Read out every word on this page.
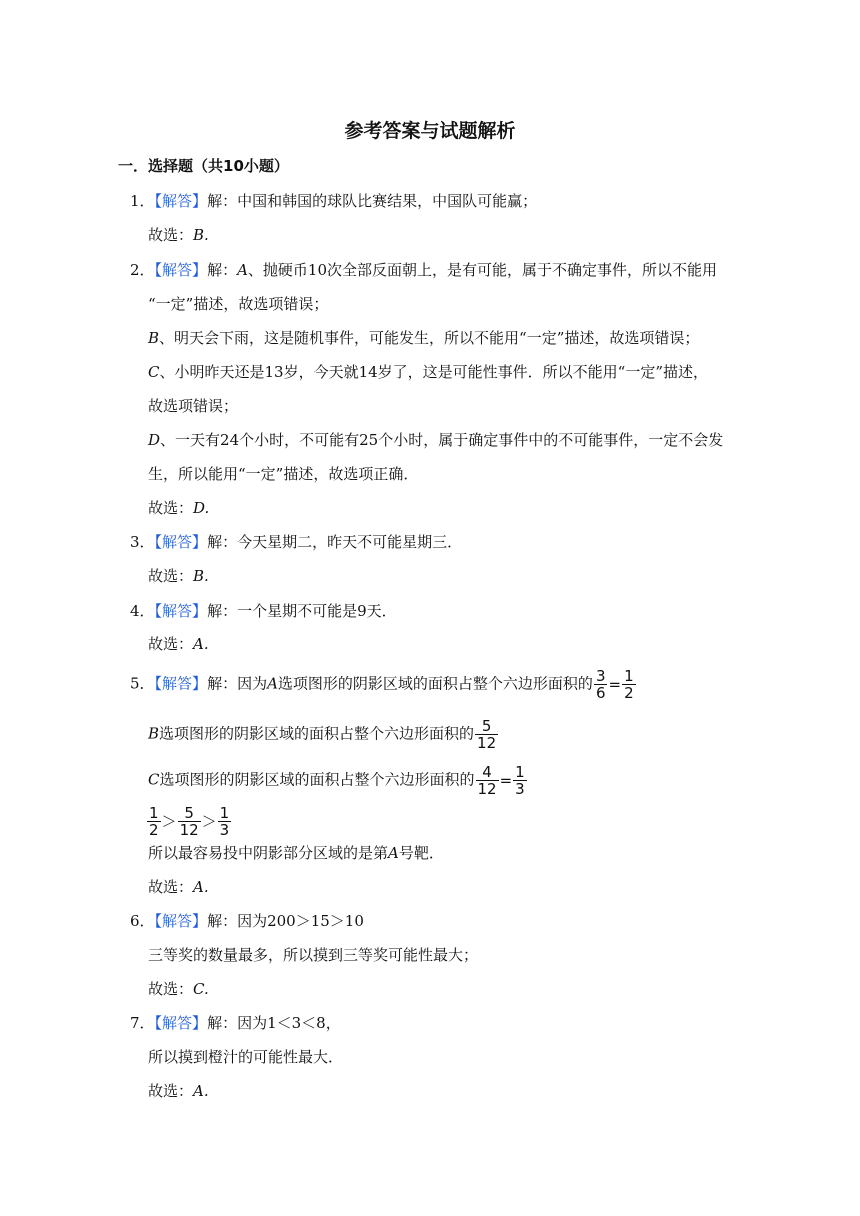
参考答案与试题解析
一．选择题（共10小题）
1．【解答】解：中国和韩国的球队比赛结果，中国队可能赢；
故选：B.
2．【解答】解：A、抛硬币10次全部反面朝上，是有可能，属于不确定事件，所以不能用
“一定”描述，故选项错误；
B、明天会下雨，这是随机事件，可能发生，所以不能用“一定”描述，故选项错误；
C、小明昨天还是13岁，今天就14岁了，这是可能性事件．所以不能用“一定”描述，
故选项错误；
D、一天有24个小时，不可能有25个小时，属于确定事件中的不可能事件，一定不会发
生，所以能用“一定”描述，故选项正确．
故选：D.
3．【解答】解：今天星期二，昨天不可能星期三．
故选：B.
4．【解答】解：一个星期不可能是9天．
故选：A.
5．【解答】解：因为A选项图形的阴影区域的面积占整个六边形面积的 $\frac{3}{6} = \frac{1}{2}$
B选项图形的阴影区域的面积占整个六边形面积的 $\frac{5}{12}$
C选项图形的阴影区域的面积占整个六边形面积的 $\frac{4}{12} = \frac{1}{3}$
$\frac{1}{2} > \frac{5}{12} > \frac{1}{3}$
所以最容易投中阴影部分区域的是第A号靶．
故选：A.
6．【解答】解：因为200＞15＞10
三等奖的数量最多，所以摸到三等奖可能性最大；
故选：C.
7．【解答】解：因为1＜3＜8，
所以摸到橙汁的可能性最大．
故选：A.
